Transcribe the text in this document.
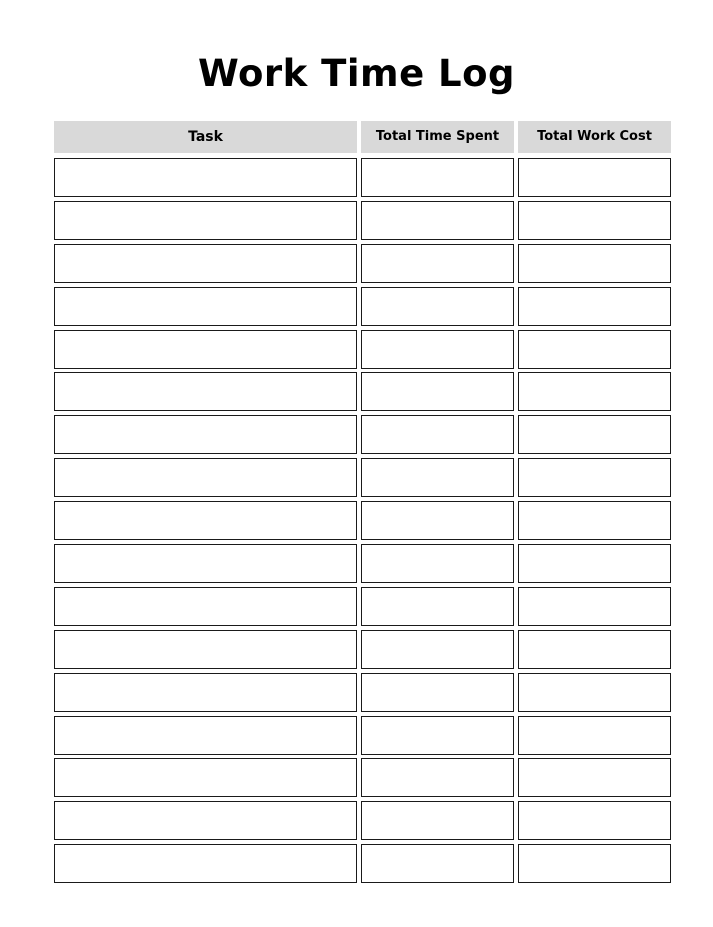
Work Time Log
Task	Total Time Spent	Total Work Cost
